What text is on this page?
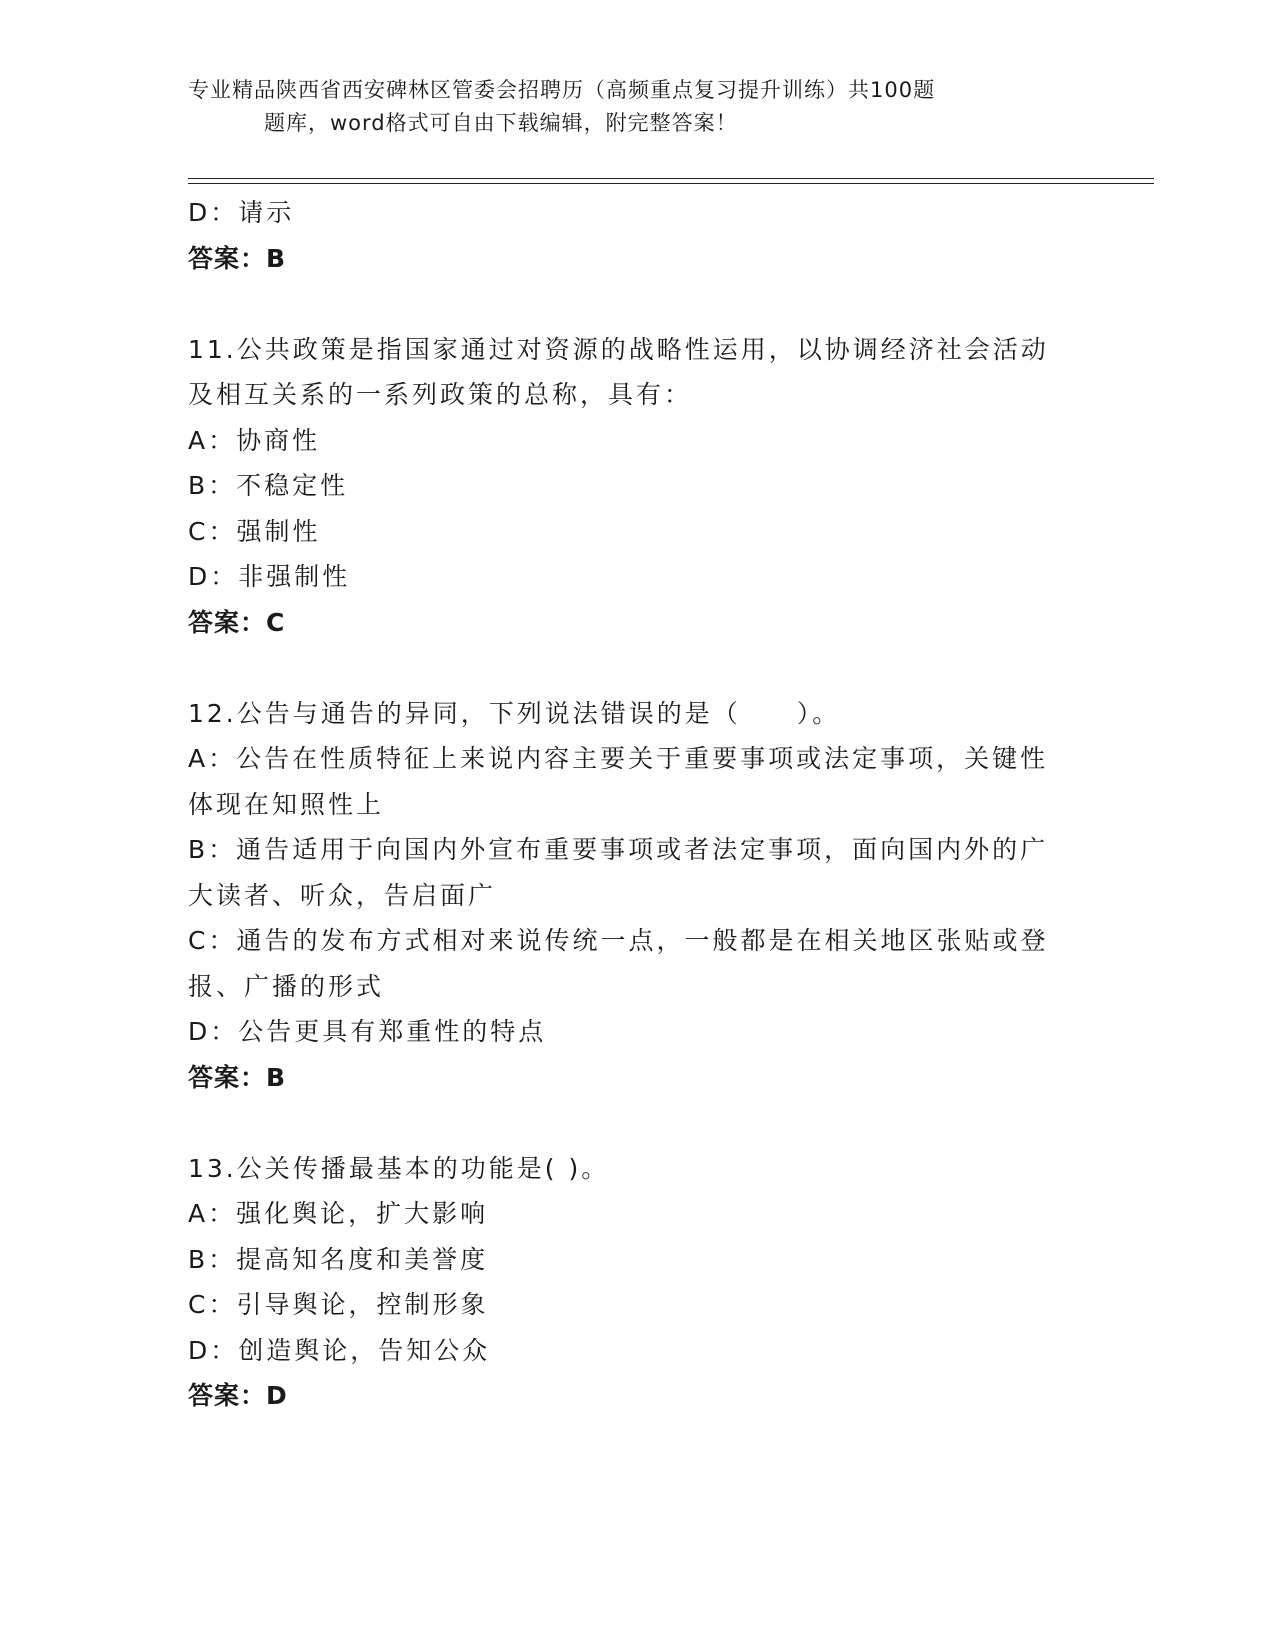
专业精品陕西省西安碑林区管委会招聘历（高频重点复习提升训练）共100题
题库，word格式可自由下载编辑，附完整答案！
D：请示
答案：B
11.公共政策是指国家通过对资源的战略性运用，以协调经济社会活动
及相互关系的一系列政策的总称，具有：
A：协商性
B：不稳定性
C：强制性
D：非强制性
答案：C
12.公告与通告的异同，下列说法错误的是（　　）。
A：公告在性质特征上来说内容主要关于重要事项或法定事项，关键性
体现在知照性上
B：通告适用于向国内外宣布重要事项或者法定事项，面向国内外的广
大读者、听众，告启面广
C：通告的发布方式相对来说传统一点，一般都是在相关地区张贴或登
报、广播的形式
D：公告更具有郑重性的特点
答案：B
13.公关传播最基本的功能是( )。
A：强化舆论，扩大影响
B：提高知名度和美誉度
C：引导舆论，控制形象
D：创造舆论，告知公众
答案：D
